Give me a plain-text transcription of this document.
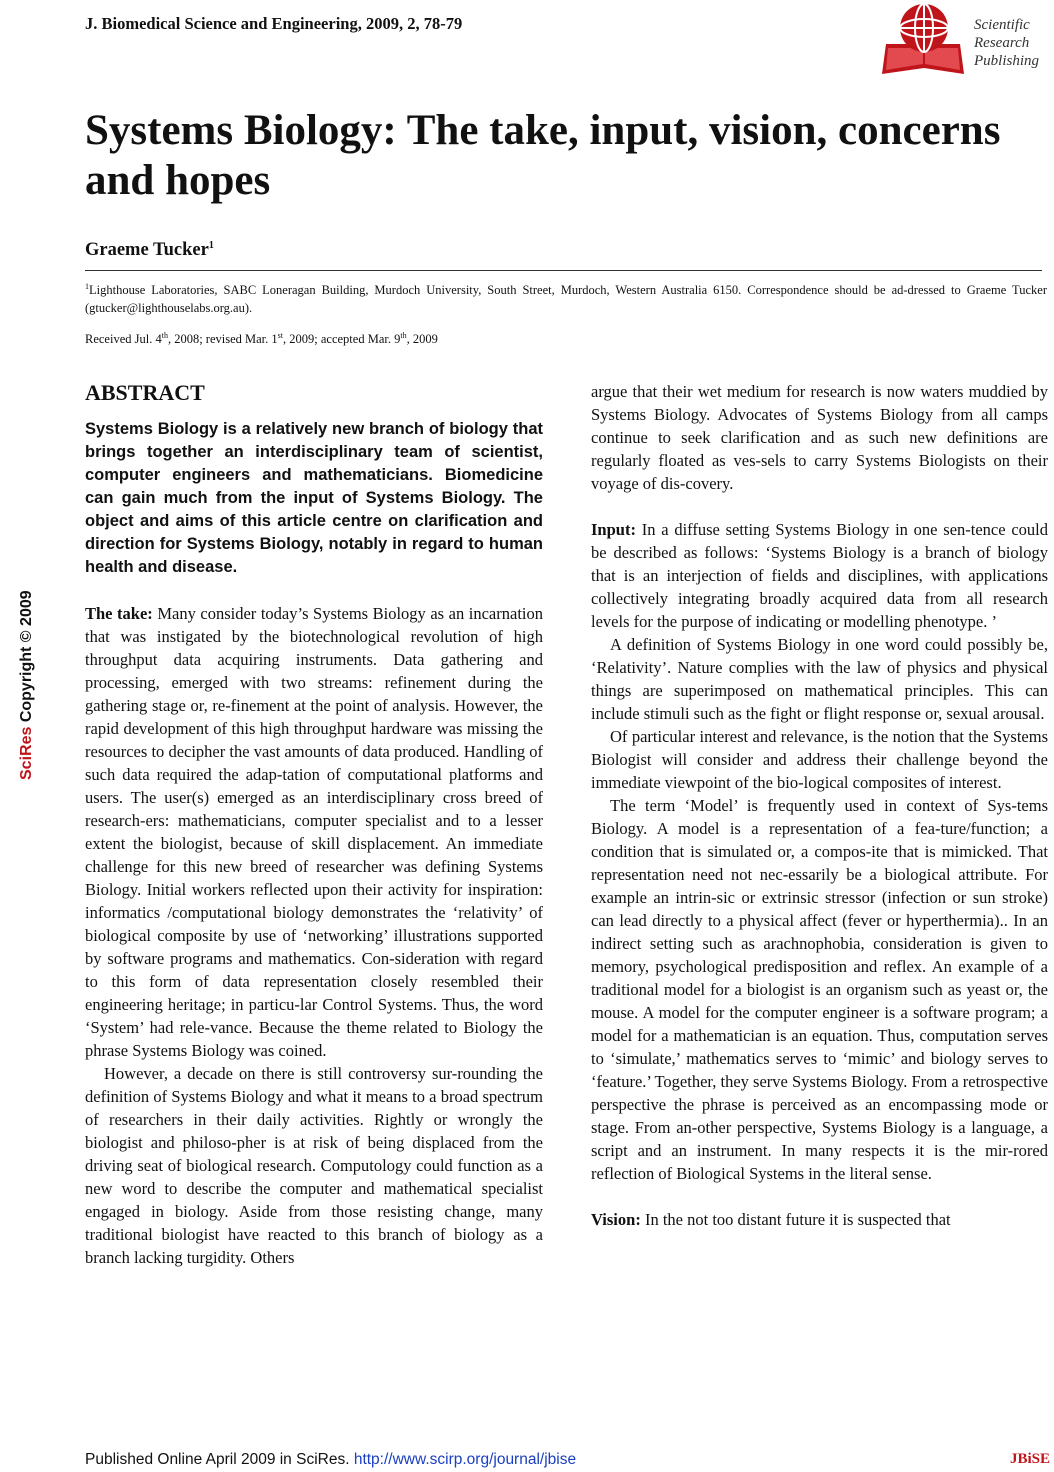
J. Biomedical Science and Engineering, 2009, 2, 78-79	Scientific
Research
Publishing
Systems Biology: The take, input, vision, concerns and hopes
Graeme Tucker$^1$
$^1$Lighthouse Laboratories, SABC Loneragan Building, Murdoch University, South Street, Murdoch, Western Australia 6150. Correspondence should be ad-dressed to Graeme Tucker (gtucker@lighthouselabs.org.au).
Received Jul. 4th, 2008; revised Mar. 1st, 2009; accepted Mar. 9th, 2009
SciRes Copyright © 2009
ABSTRACT

Systems Biology is a relatively new branch of biology that brings together an interdisciplinary team of scientist, computer engineers and mathematicians. Biomedicine can gain much from the input of Systems Biology. The object and aims of this article centre on clarification and direction for Systems Biology, notably in regard to human health and disease.

The take: Many consider today’s Systems Biology as an incarnation that was instigated by the biotechnological revolution of high throughput data acquiring instruments. Data gathering and processing, emerged with two streams: refinement during the gathering stage or, re-finement at the point of analysis. However, the rapid development of this high throughput hardware was missing the resources to decipher the vast amounts of data produced. Handling of such data required the adap-tation of computational platforms and users. The user(s) emerged as an interdisciplinary cross breed of research-ers: mathematicians, computer specialist and to a lesser extent the biologist, because of skill displacement. An immediate challenge for this new breed of researcher was defining Systems Biology. Initial workers reflected upon their activity for inspiration: informatics /computational biology demonstrates the ‘relativity’ of biological composite by use of ‘networking’ illustrations supported by software programs and mathematics. Con-sideration with regard to this form of data representation closely resembled their engineering heritage; in particu-lar Control Systems. Thus, the word ‘System’ had rele-vance. Because the theme related to Biology the phrase Systems Biology was coined.

However, a decade on there is still controversy sur-rounding the definition of Systems Biology and what it means to a broad spectrum of researchers in their daily activities. Rightly or wrongly the biologist and philoso-pher is at risk of being displaced from the driving seat of biological research. Computology could function as a new word to describe the computer and mathematical specialist engaged in biology. Aside from those resisting change, many traditional biologist have reacted to this branch of biology as a branch lacking turgidity. Others

argue that their wet medium for research is now waters muddied by Systems Biology. Advocates of Systems Biology from all camps continue to seek clarification and as such new definitions are regularly floated as ves-sels to carry Systems Biologists on their voyage of dis-covery.

Input: In a diffuse setting Systems Biology in one sen-tence could be described as follows: ‘Systems Biology is a branch of biology that is an interjection of fields and disciplines, with applications collectively integrating broadly acquired data from all research levels for the purpose of indicating or modelling phenotype. ’

A definition of Systems Biology in one word could possibly be, ‘Relativity’. Nature complies with the law of physics and physical things are superimposed on mathematical principles. This can include stimuli such as the fight or flight response or, sexual arousal.

Of particular interest and relevance, is the notion that the Systems Biologist will consider and address their challenge beyond the immediate viewpoint of the bio-logical composites of interest.

The term ‘Model’ is frequently used in context of Sys-tems Biology. A model is a representation of a fea-ture/function; a condition that is simulated or, a compos-ite that is mimicked. That representation need not nec-essarily be a biological attribute. For example an intrin-sic or extrinsic stressor (infection or sun stroke) can lead directly to a physical affect (fever or hyperthermia).. In an indirect setting such as arachnophobia, consideration is given to memory, psychological predisposition and reflex. An example of a traditional model for a biologist is an organism such as yeast or, the mouse. A model for the computer engineer is a software program; a model for a mathematician is an equation. Thus, computation serves to ‘simulate,’ mathematics serves to ‘mimic’ and biology serves to ‘feature.’ Together, they serve Systems Biology. From a retrospective perspective the phrase is perceived as an encompassing mode or stage. From an-other perspective, Systems Biology is a language, a script and an instrument. In many respects it is the mir-rored reflection of Biological Systems in the literal sense.

Vision: In the not too distant future it is suspected that

Published Online April 2009 in SciRes. http://www.scirp.org/journal/jbise	JBiSE
